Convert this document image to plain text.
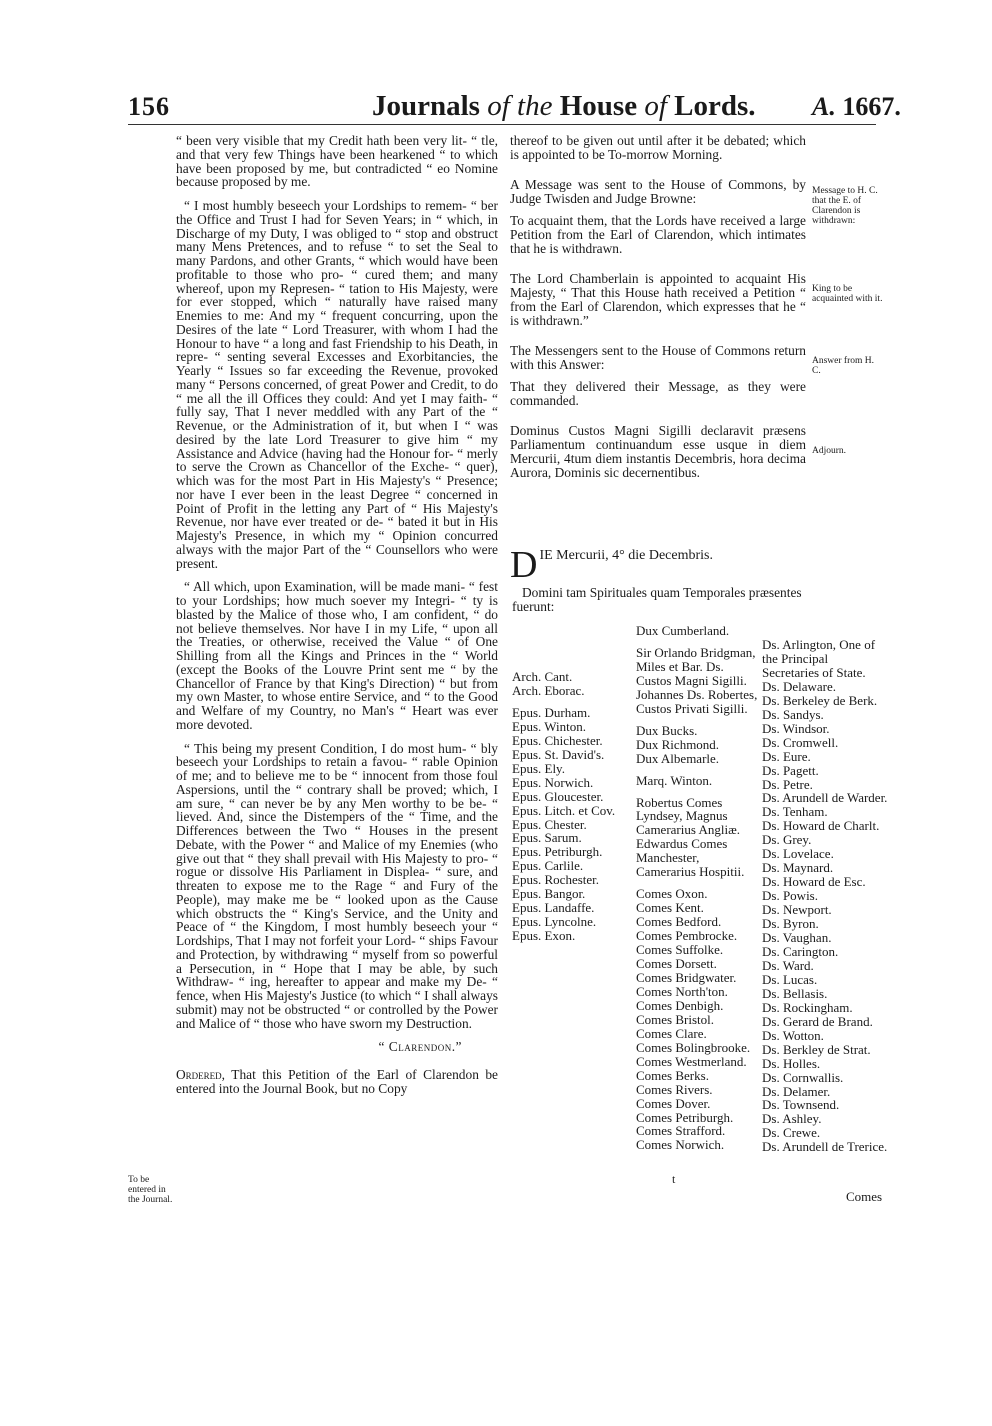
156	Journals of the House of Lords. A. 1667.

“ been very visible that my Credit hath been very lit- “ tle, and that very few Things have been hearkened “ to which have been proposed by me, but contradicted “ eo Nomine because proposed by me.

“ I most humbly beseech your Lordships to remem- “ ber the Office and Trust I had for Seven Years; in “ which, in Discharge of my Duty, I was obliged to “ stop and obstruct many Mens Pretences, and to refuse “ to set the Seal to many Pardons, and other Grants, “ which would have been profitable to those who pro- “ cured them; and many whereof, upon my Represen- “ tation to His Majesty, were for ever stopped, which “ naturally have raised many Enemies to me: And my “ frequent concurring, upon the Desires of the late “ Lord Treasurer, with whom I had the Honour to have “ a long and fast Friendship to his Death, in repre- “ senting several Excesses and Exorbitancies, the Yearly “ Issues so far exceeding the Revenue, provoked many “ Persons concerned, of great Power and Credit, to do “ me all the ill Offices they could: And yet I may faith- “ fully say, That I never meddled with any Part of the “ Revenue, or the Administration of it, but when I “ was desired by the late Lord Treasurer to give him “ my Assistance and Advice (having had the Honour for- “ merly to serve the Crown as Chancellor of the Exche- “ quer), which was for the most Part in His Majesty's “ Presence; nor have I ever been in the least Degree “ concerned in Point of Profit in the letting any Part of “ His Majesty's Revenue, nor have ever treated or de- “ bated it but in His Majesty's Presence, in which my “ Opinion concurred always with the major Part of the “ Counsellors who were present.

“ All which, upon Examination, will be made mani- “ fest to your Lordships; how much soever my Integri- “ ty is blasted by the Malice of those who, I am confident, “ do not believe themselves. Nor have I in my Life, “ upon all the Treaties, or otherwise, received the Value “ of One Shilling from all the Kings and Princes in the “ World (except the Books of the Louvre Print sent me “ by the Chancellor of France by that King's Direction) “ but from my own Master, to whose entire Service, and “ to the Good and Welfare of my Country, no Man's “ Heart was ever more devoted.

“ This being my present Condition, I do most hum- “ bly beseech your Lordships to retain a favou- “ rable Opinion of me; and to believe me to be “ innocent from those foul Aspersions, until the “ contrary shall be proved; which, I am sure, “ can never be by any Men worthy to be be- “ lieved. And, since the Distempers of the “ Time, and the Differences between the Two “ Houses in the present Debate, with the Power “ and Malice of my Enemies (who give out that “ they shall prevail with His Majesty to pro- “ rogue or dissolve His Parliament in Displea- “ sure, and threaten to expose me to the Rage “ and Fury of the People), may make me be “ looked upon as the Cause which obstructs the “ King's Service, and the Unity and Peace of “ the Kingdom, I most humbly beseech your “ Lordships, That I may not forfeit your Lord- “ ships Favour and Protection, by withdrawing “ myself from so powerful a Persecution, in “ Hope that I may be able, by such Withdraw- “ ing, hereafter to appear and make my De- “ fence, when His Majesty's Justice (to which “ I shall always submit) may not be obstructed “ or controlled by the Power and Malice of “ those who have sworn my Destruction.

“ Clarendon.”

Ordered, That this Petition of the Earl of Clarendon be entered into the Journal Book, but no Copy

To be entered in the Journal.

thereof to be given out until after it be debated; which is appointed to be To-morrow Morning.

A Message was sent to the House of Commons, by Judge Twisden and Judge Browne:

To acquaint them, that the Lords have received a large Petition from the Earl of Clarendon, which intimates that he is withdrawn.

The Lord Chamberlain is appointed to acquaint His Majesty, “ That this House hath received a Petition “ from the Earl of Clarendon, which expresses that he “ is withdrawn.”

The Messengers sent to the House of Commons return with this Answer:

That they delivered their Message, as they were commanded.

Dominus Custos Magni Sigilli declaravit præsens Parliamentum continuandum esse usque in diem Mercurii, 4tum diem instantis Decembris, hora decima Aurora, Dominis sic decernentibus.

Message to H. C. that the E. of Clarendon is withdrawn:
King to be acquainted with it.
Answer from H. C.
Adjourn.
D IE Mercurii, 4° die Decembris.
Domini tam Spirituales quam Temporales præsentes fuerunt:
Arch. Cant.
Arch. Eborac.
Epus. Durham.
Epus. Winton.
Epus. Chichester.
Epus. St. David's.
Epus. Ely.
Epus. Norwich.
Epus. Gloucester.
Epus. Litch. et Cov.
Epus. Chester.
Epus. Sarum.
Epus. Petriburgh.
Epus. Carlile.
Epus. Rochester.
Epus. Bangor.
Epus. Landaffe.
Epus. Lyncolne.
Epus. Exon.
Dux Cumberland.
Sir Orlando Bridgman, Miles et Bar. Ds. Custos Magni Sigilli.
Johannes Ds. Robertes, Custos Privati Sigilli.
Dux Bucks.
Dux Richmond.
Dux Albemarle.
Marq. Winton.
Robertus Comes Lyndsey, Magnus Camerarius Angliæ.
Edwardus Comes Manchester, Camerarius Hospitii.
Comes Oxon.
Comes Kent.
Comes Bedford.
Comes Pembrocke.
Comes Suffolke.
Comes Dorsett.
Comes Bridgwater.
Comes North'ton.
Comes Denbigh.
Comes Bristol.
Comes Clare.
Comes Bolingbrooke.
Comes Westmerland.
Comes Berks.
Comes Rivers.
Comes Dover.
Comes Petriburgh.
Comes Strafford.
Comes Norwich.
Ds. Arlington, One of the Principal Secretaries of State.
Ds. Delaware.
Ds. Berkeley de Berk.
Ds. Sandys.
Ds. Windsor.
Ds. Cromwell.
Ds. Eure.
Ds. Pagett.
Ds. Petre.
Ds. Arundell de Warder.
Ds. Tenham.
Ds. Howard de Charlt.
Ds. Grey.
Ds. Lovelace.
Ds. Maynard.
Ds. Howard de Esc.
Ds. Powis.
Ds. Newport.
Ds. Byron.
Ds. Vaughan.
Ds. Carington.
Ds. Ward.
Ds. Lucas.
Ds. Bellasis.
Ds. Rockingham.
Ds. Gerard de Brand.
Ds. Wotton.
Ds. Berkley de Strat.
Ds. Holles.
Ds. Cornwallis.
Ds. Delamer.
Ds. Townsend.
Ds. Ashley.
Ds. Crewe.
Ds. Arundell de Trerice.
t
Comes
